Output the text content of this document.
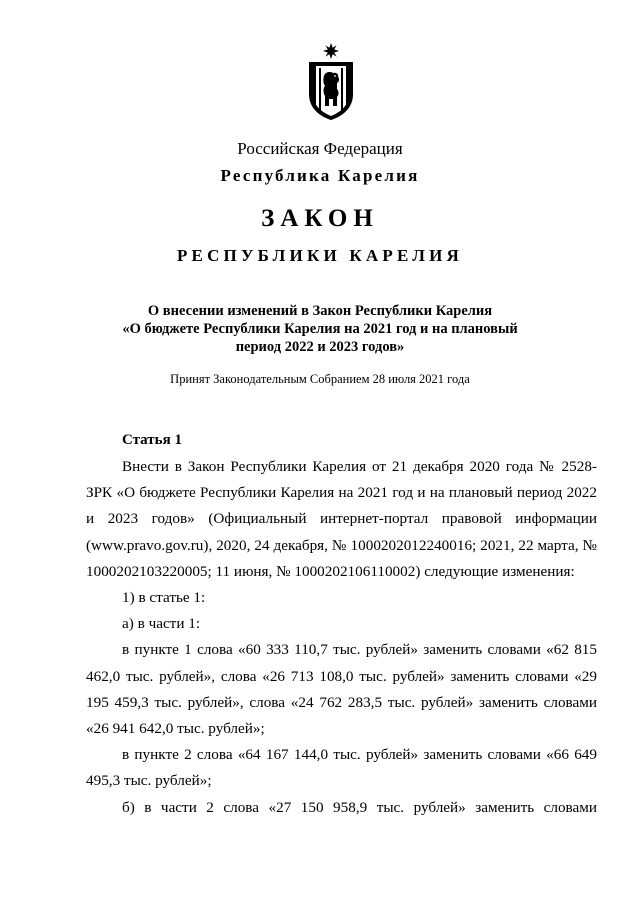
Российская Федерация
Республика Карелия
ЗАКОН
РЕСПУБЛИКИ КАРЕЛИЯ
О внесении изменений в Закон Республики Карелия
«О бюджете Республики Карелия на 2021 год и на плановый
период 2022 и 2023 годов»
Принят Законодательным Собранием 28 июля 2021 года
Статья 1

Внести в Закон Республики Карелия от 21 декабря 2020 года № 2528-ЗРК «О бюджете Республики Карелия на 2021 год и на плановый период 2022 и 2023 годов» (Официальный интернет-портал правовой информации (www.pravo.gov.ru), 2020, 24 декабря, № 1000202012240016; 2021, 22 марта, № 1000202103220005; 11 июня, № 1000202106110002) следующие изменения:

1) в статье 1:

а) в части 1:

в пункте 1 слова «60 333 110,7 тыс. рублей» заменить словами «62 815 462,0 тыс. рублей», слова «26 713 108,0 тыс. рублей» заменить словами «29 195 459,3 тыс. рублей», слова «24 762 283,5 тыс. рублей» заменить словами «26 941 642,0 тыс. рублей»;

в пункте 2 слова «64 167 144,0 тыс. рублей» заменить словами «66 649 495,3 тыс. рублей»;

б) в части 2 слова «27 150 958,9 тыс. рублей» заменить словами
